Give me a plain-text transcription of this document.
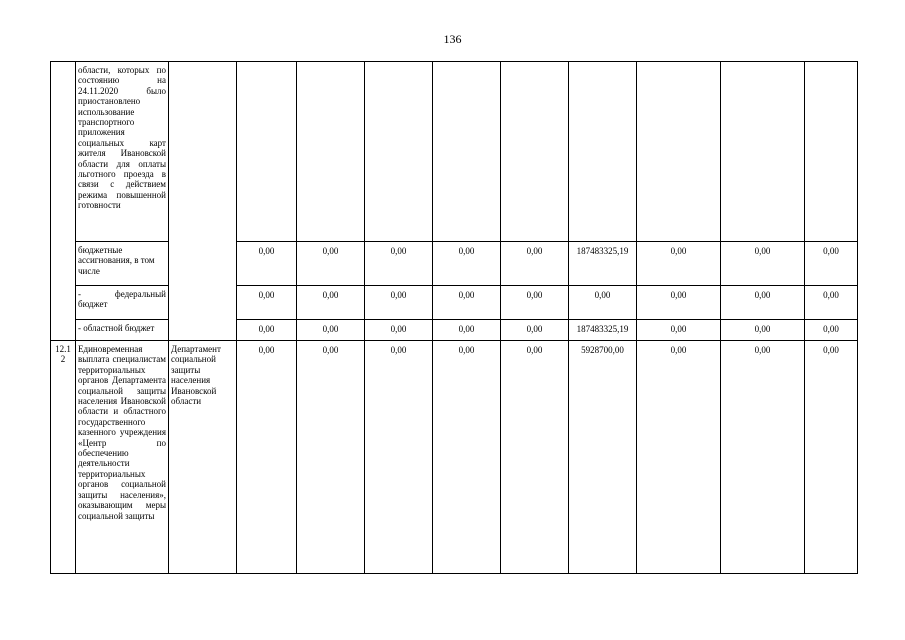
136
	области, которых по состоянию на 24.11.2020 было приостановлено использование транспортного приложения социальных карт жителя Ивановской области для оплаты льготного проезда в связи с действием режима повышенной готовности										
	бюджетные ассигнования, в том числе		0,00	0,00	0,00	0,00	0,00	187483325,19	0,00	0,00	0,00
	- федеральный бюджет		0,00	0,00	0,00	0,00	0,00	0,00	0,00	0,00	0,00
	- областной бюджет		0,00	0,00	0,00	0,00	0,00	187483325,19	0,00	0,00	0,00
12.1 2	Единовременная выплата специалистам территориальных органов Департамента социальной защиты населения Ивановской области и областного государственного казенного учреждения «Центр по обеспечению деятельности территориальных органов социальной защиты населения», оказывающим меры социальной защиты	Департамент социальной защиты населения Ивановской области	0,00	0,00	0,00	0,00	0,00	5928700,00	0,00	0,00	0,00
